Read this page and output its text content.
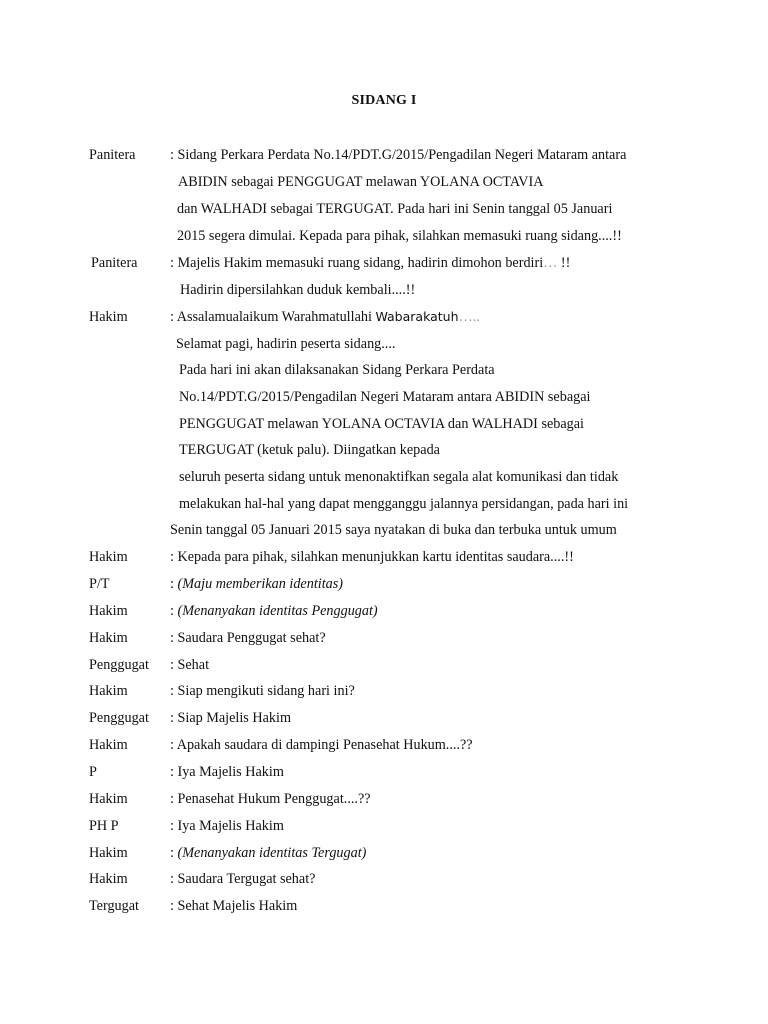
SIDANG I
Panitera : Sidang Perkara Perdata No.14/PDT.G/2015/Pengadilan Negeri Mataram antara
ABIDIN sebagai PENGGUGAT melawan YOLANA OCTAVIA
dan WALHADI sebagai TERGUGAT. Pada hari ini Senin tanggal 05 Januari
2015 segera dimulai. Kepada para pihak, silahkan memasuki ruang sidang....!!
Panitera : Majelis Hakim memasuki ruang sidang, hadirin dimohon berdiri… !!
Hadirin dipersilahkan duduk kembali....!!
Hakim	: Assalamualaikum Warahmatullahi Wabarakatuh…..
Selamat pagi, hadirin peserta sidang....
Pada hari ini akan dilaksanakan Sidang Perkara Perdata
No.14/PDT.G/2015/Pengadilan Negeri Mataram antara ABIDIN sebagai
PENGGUGAT melawan YOLANA OCTAVIA dan WALHADI sebagai
TERGUGAT (ketuk palu). Diingatkan kepada
seluruh peserta sidang untuk menonaktifkan segala alat komunikasi dan tidak
melakukan hal-hal yang dapat mengganggu jalannya persidangan, pada hari ini
Senin tanggal 05 Januari 2015 saya nyatakan di buka dan terbuka untuk umum
Hakim	: Kepada para pihak, silahkan menunjukkan kartu identitas saudara....!!
P/T	: (Maju memberikan identitas)
Hakim	: (Menanyakan identitas Penggugat)
Hakim	: Saudara Penggugat sehat?
Penggugat : Sehat
Hakim	: Siap mengikuti sidang hari ini?
Penggugat : Siap Majelis Hakim
Hakim	: Apakah saudara di dampingi Penasehat Hukum....??
P	: Iya Majelis Hakim
Hakim	: Penasehat Hukum Penggugat....??
PH P	: Iya Majelis Hakim
Hakim	: (Menanyakan identitas Tergugat)
Hakim	: Saudara Tergugat sehat?
Tergugat : Sehat Majelis Hakim
